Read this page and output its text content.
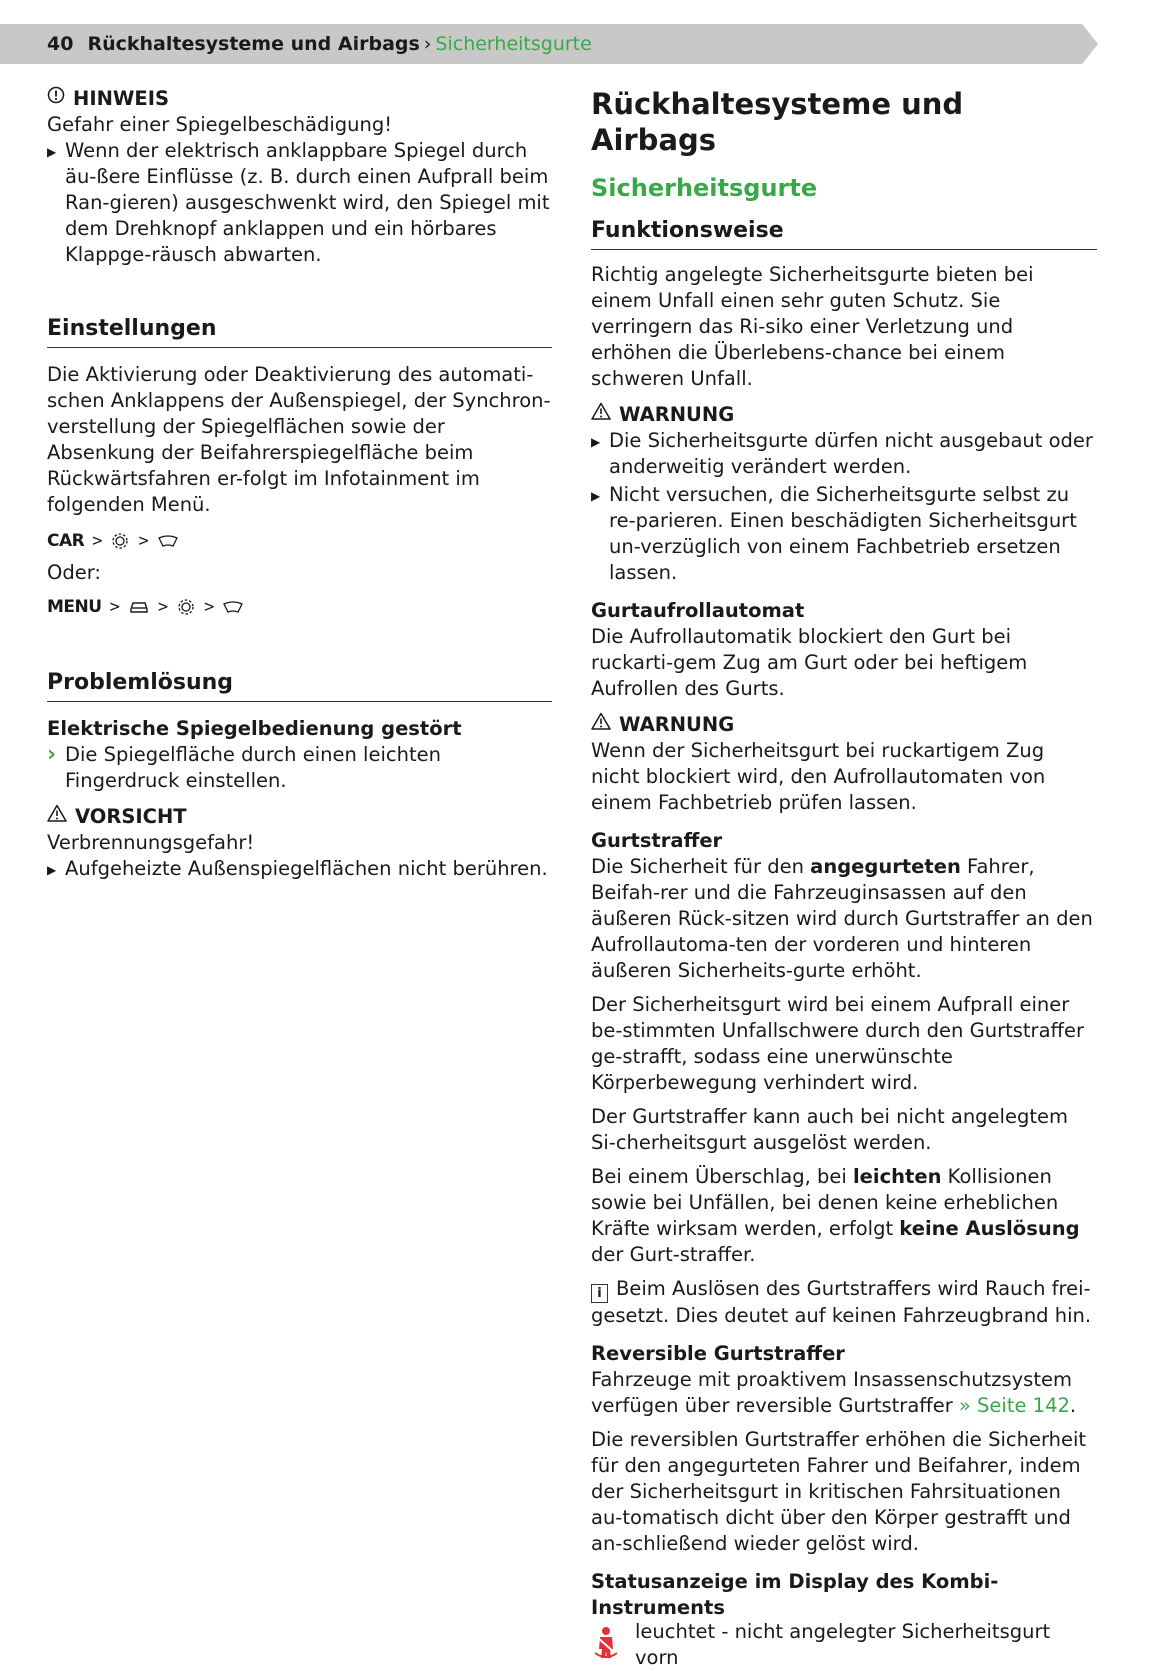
40 Rückhaltesysteme und Airbags › Sicherheitsgurte
HINWEIS

Gefahr einer Spiegelbeschädigung!

▶ Wenn der elektrisch anklappbare Spiegel durch äu-ßere Einflüsse (z. B. durch einen Aufprall beim Ran-gieren) ausgeschwenkt wird, den Spiegel mit dem Drehknopf anklappen und ein hörbares Klappge-räusch abwarten.
Einstellungen

Die Aktivierung oder Deaktivierung des automati-schen Anklappens der Außenspiegel, der Synchron-verstellung der Spiegelflächen sowie der Absenkung der Beifahrerspiegelfläche beim Rückwärtsfahren er-folgt im Infotainment im folgenden Menü.

CAR > >

Oder:

MENU > > >
Problemlösung
Elektrische Spiegelbedienung gestört
› Die Spiegelfläche durch einen leichten Fingerdruck einstellen.
VORSICHT

Verbrennungsgefahr!

▶ Aufgeheizte Außenspiegelflächen nicht berühren.
Rückhaltesysteme und Airbags
Sicherheitsgurte
Funktionsweise

Richtig angelegte Sicherheitsgurte bieten bei einem Unfall einen sehr guten Schutz. Sie verringern das Ri-siko einer Verletzung und erhöhen die Überlebens-chance bei einem schweren Unfall.

WARNUNG
▶ Die Sicherheitsgurte dürfen nicht ausgebaut oder anderweitig verändert werden.
▶ Nicht versuchen, die Sicherheitsgurte selbst zu re-parieren. Einen beschädigten Sicherheitsgurt un-verzüglich von einem Fachbetrieb ersetzen lassen.
Gurtaufrollautomat

Die Aufrollautomatik blockiert den Gurt bei ruckarti-gem Zug am Gurt oder bei heftigem Aufrollen des Gurts.

WARNUNG

Wenn der Sicherheitsgurt bei ruckartigem Zug nicht blockiert wird, den Aufrollautomaten von einem Fachbetrieb prüfen lassen.

Gurtstraffer

Die Sicherheit für den angegurteten Fahrer, Beifah-rer und die Fahrzeuginsassen auf den äußeren Rück-sitzen wird durch Gurtstraffer an den Aufrollautoma-ten der vorderen und hinteren äußeren Sicherheits-gurte erhöht.

Der Sicherheitsgurt wird bei einem Aufprall einer be-stimmten Unfallschwere durch den Gurtstraffer ge-strafft, sodass eine unerwünschte Körperbewegung verhindert wird.

Der Gurtstraffer kann auch bei nicht angelegtem Si-cherheitsgurt ausgelöst werden.

Bei einem Überschlag, bei leichten Kollisionen sowie bei Unfällen, bei denen keine erheblichen Kräfte wirksam werden, erfolgt keine Auslösung der Gurt-straffer.

i Beim Auslösen des Gurtstraffers wird Rauch frei-gesetzt. Dies deutet auf keinen Fahrzeugbrand hin.

Reversible Gurtstraffer

Fahrzeuge mit proaktivem Insassenschutzsystem verfügen über reversible Gurtstraffer » Seite 142.

Die reversiblen Gurtstraffer erhöhen die Sicherheit für den angegurteten Fahrer und Beifahrer, indem der Sicherheitsgurt in kritischen Fahrsituationen au-tomatisch dicht über den Körper gestrafft und an-schließend wieder gelöst wird.

Statusanzeige im Display des Kombi-Instruments

leuchtet - nicht angelegter Sicherheitsgurt vorn
